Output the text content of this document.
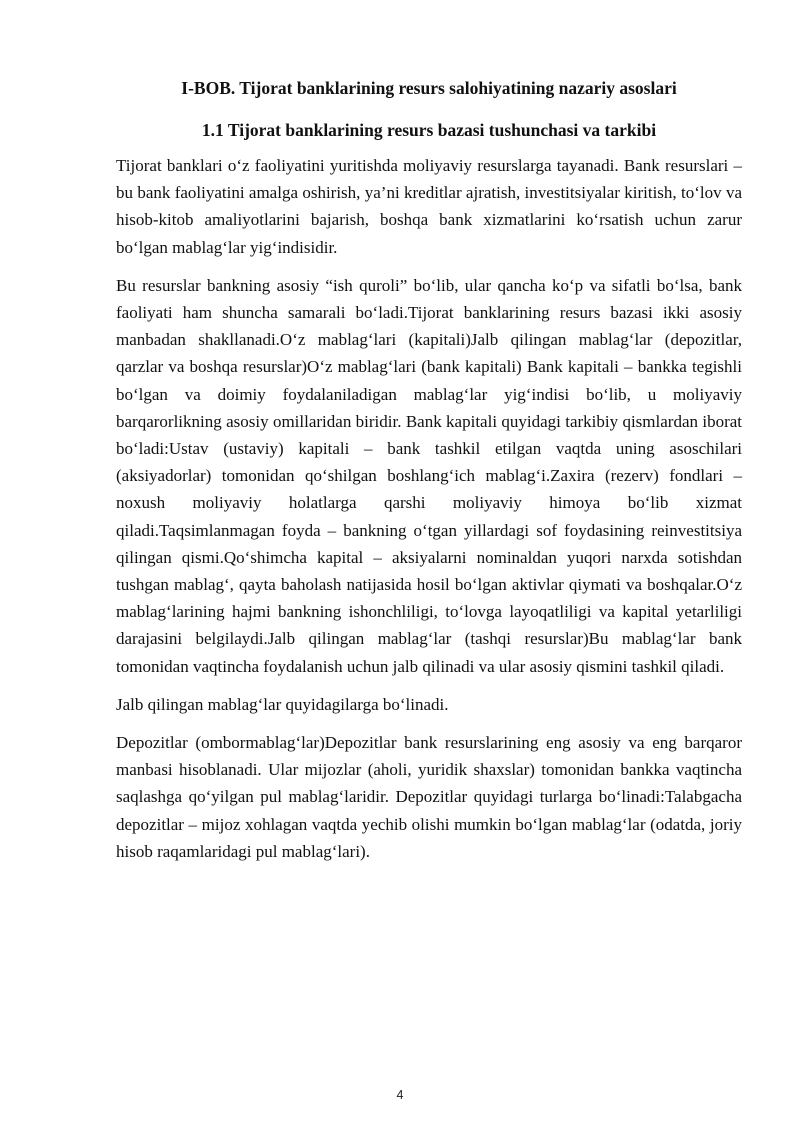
I-BOB. Tijorat banklarining resurs salohiyatining nazariy asoslari
1.1 Tijorat banklarining resurs bazasi tushunchasi va tarkibi

Tijorat banklari o‘z faoliyatini yuritishda moliyaviy resurslarga tayanadi. Bank resurslari – bu bank faoliyatini amalga oshirish, ya’ni kreditlar ajratish, investitsiyalar kiritish, to‘lov va hisob-kitob amaliyotlarini bajarish, boshqa bank xizmatlarini ko‘rsatish uchun zarur bo‘lgan mablag‘lar yig‘indisidir.

Bu resurslar bankning asosiy “ish quroli” bo‘lib, ular qancha ko‘p va sifatli bo‘lsa, bank faoliyati ham shuncha samarali bo‘ladi.Tijorat banklarining resurs bazasi ikki asosiy manbadan shakllanadi.O‘z mablag‘lari (kapitali)Jalb qilingan mablag‘lar (depozitlar, qarzlar va boshqa resurslar)O‘z mablag‘lari (bank kapitali) Bank kapitali – bankka tegishli bo‘lgan va doimiy foydalaniladigan mablag‘lar yig‘indisi bo‘lib, u moliyaviy barqarorlikning asosiy omillaridan biridir. Bank kapitali quyidagi tarkibiy qismlardan iborat bo‘ladi:Ustav (ustaviy) kapitali – bank tashkil etilgan vaqtda uning asoschilari (aksiyadorlar) tomonidan qo‘shilgan boshlang‘ich mablag‘i.Zaxira (rezerv) fondlari – noxush moliyaviy holatlarga qarshi moliyaviy himoya bo‘lib xizmat qiladi.Taqsimlanmagan foyda – bankning o‘tgan yillardagi sof foydasining reinvestitsiya qilingan qismi.Qo‘shimcha kapital – aksiyalarni nominaldan yuqori narxda sotishdan tushgan mablag‘, qayta baholash natijasida hosil bo‘lgan aktivlar qiymati va boshqalar.O‘z mablag‘larining hajmi bankning ishonchliligi, to‘lovga layoqatliligi va kapital yetarliligi darajasini belgilaydi.Jalb qilingan mablag‘lar (tashqi resurslar)Bu mablag‘lar bank tomonidan vaqtincha foydalanish uchun jalb qilinadi va ular asosiy qismini tashkil qiladi.

Jalb qilingan mablag‘lar quyidagilarga bo‘linadi.

Depozitlar (ombormablag‘lar)Depozitlar bank resurslarining eng asosiy va eng barqaror manbasi hisoblanadi. Ular mijozlar (aholi, yuridik shaxslar) tomonidan bankka vaqtincha saqlashga qo‘yilgan pul mablag‘laridir. Depozitlar quyidagi turlarga bo‘linadi:Talabgacha depozitlar – mijoz xohlagan vaqtda yechib olishi mumkin bo‘lgan mablag‘lar (odatda, joriy hisob raqamlaridagi pul mablag‘lari).

4
